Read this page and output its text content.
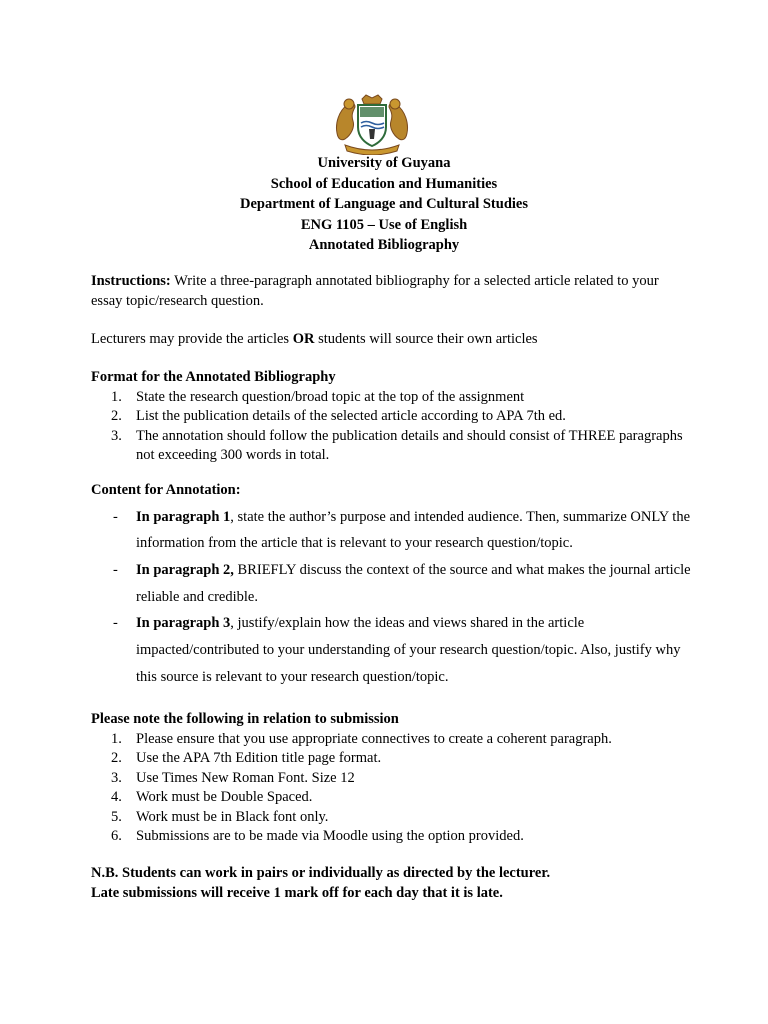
University of Guyana
School of Education and Humanities
Department of Language and Cultural Studies
ENG 1105 – Use of English
Annotated Bibliography
Instructions: Write a three-paragraph annotated bibliography for a selected article related to your essay topic/research question.
Lecturers may provide the articles OR students will source their own articles
Format for the Annotated Bibliography
1. State the research question/broad topic at the top of the assignment
2. List the publication details of the selected article according to APA 7th ed.
3. The annotation should follow the publication details and should consist of THREE paragraphs not exceeding 300 words in total.
Content for Annotation:
- In paragraph 1, state the author’s purpose and intended audience. Then, summarize ONLY the information from the article that is relevant to your research question/topic.
- In paragraph 2, BRIEFLY discuss the context of the source and what makes the journal article reliable and credible.
- In paragraph 3, justify/explain how the ideas and views shared in the article impacted/contributed to your understanding of your research question/topic. Also, justify why this source is relevant to your research question/topic.
Please note the following in relation to submission
1. Please ensure that you use appropriate connectives to create a coherent paragraph.
2. Use the APA 7th Edition title page format.
3. Use Times New Roman Font. Size 12
4. Work must be Double Spaced.
5. Work must be in Black font only.
6. Submissions are to be made via Moodle using the option provided.
N.B. Students can work in pairs or individually as directed by the lecturer.
Late submissions will receive 1 mark off for each day that it is late.
